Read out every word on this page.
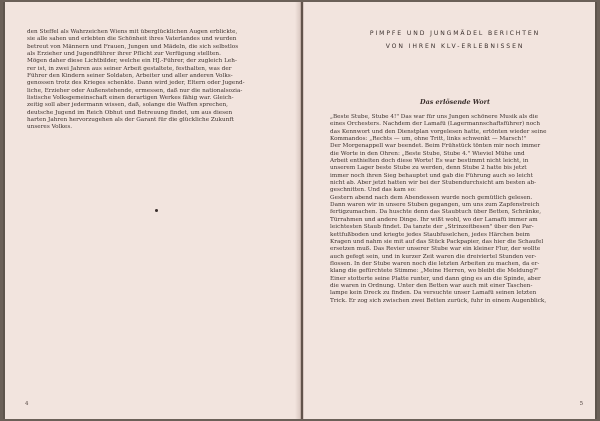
den Steffel als Wahrzeichen Wiens mit überglücklichen Augen erblickte,
sie alle sahen und erlebten die Schönheit ihres Vaterlandes und wurden
betreut von Männern und Frauen, Jungen und Mädeln, die sich selbstlos
als Erzieher und Jugendführer ihrer Pflicht zur Verfügung stellten.
Mögen daher diese Lichtbilder, welche ein HJ.-Führer, der zugleich Leh-
rer ist, in zwei Jahren aus seiner Arbeit gestaltete, festhalten, was der
Führer den Kindern seiner Soldaten, Arbeiter und aller anderen Volks-
genossen trotz des Krieges schenkte. Dann wird jeder, Eltern oder Jugend-
liche, Erzieher oder Außenstehende, ermessen, daß nur die nationalsozia-
listische Volksgemeinschaft einen derartigen Werkes fähig war. Gleich-
zeitig soll aber jedermann wissen, daß, solange die Waffen sprechen,
deutsche Jugend im Reich Obhut und Betreuung findet, um aus diesen
harten Jahren hervorzugehen als der Garant für die glückliche Zukunft
unseres Volkes.
4
PIMPFE UND JUNGMÄDEL BERICHTEN
VON IHREN KLV-ERLEBNISSEN
Das erlösende Wort
„Beste Stube, Stube 4!" Das war für uns Jungen schönere Musik als die
eines Orchesters. Nachdem der Lamafü (Lagermannschaftsführer) noch
das Kennwort und den Dienstplan vorgelesen hatte, ertönten wieder seine
Kommandos: „Rechts — um, ohne Tritt, links schwenkt — Marsch!"
Der Morgenappell war beendet. Beim Frühstück tönten mir noch immer
die Worte in den Ohren: „Beste Stube, Stube 4." Wieviel Mühe und
Arbeit enthielten doch diese Worte! Es war bestimmt nicht leicht, in
unserem Lager beste Stube zu werden, denn Stube 2 hatte bis jetzt
immer noch ihren Sieg behauptet und gab die Führung auch so leicht
nicht ab. Aber jetzt hatten wir bei der Stubendurchsicht am besten ab-
geschnitten. Und das kam so:
Gestern abend nach dem Abendessen wurde noch gemütlich gelesen.
Dann waren wir in unsere Stuben gegangen, um uns zum Zapfenstreich
fertigzumachen. Da huschte denn das Staubtuch über Betten, Schränke,
Türrahmen und andere Dinge. Ihr wißt wohl, wo der Lamafü immer am
leichtesten Staub findet. Da tanzte der „Strinzeitbesen" über den Par-
kettfußboden und kriegte jedes Staubfuselchen, jedes Härchen beim
Kragen und nahm sie mit auf das Stück Packpapier, das hier die Schaufel
ersetzen muß. Das Revier unserer Stube war ein kleiner Flur, der wollte
auch gefegt sein, und in kurzer Zeit waren die dreiviertel Stunden ver-
flossen. In der Stube waren noch die letzten Arbeiten zu machen, da er-
klang die gefürchtete Stimme: „Meine Herren, wo bleibt die Meldung?"
Einer stotterte seine Platte runter, und dann ging es an die Spinde, aber
die waren in Ordnung. Unter den Betten war auch mit einer Taschen-
lampe kein Dreck zu finden. Da versuchte unser Lamafü seinen letzten
Trick. Er zog sich zwischen zwei Betten zurück, fuhr in einem Augenblick,
5
